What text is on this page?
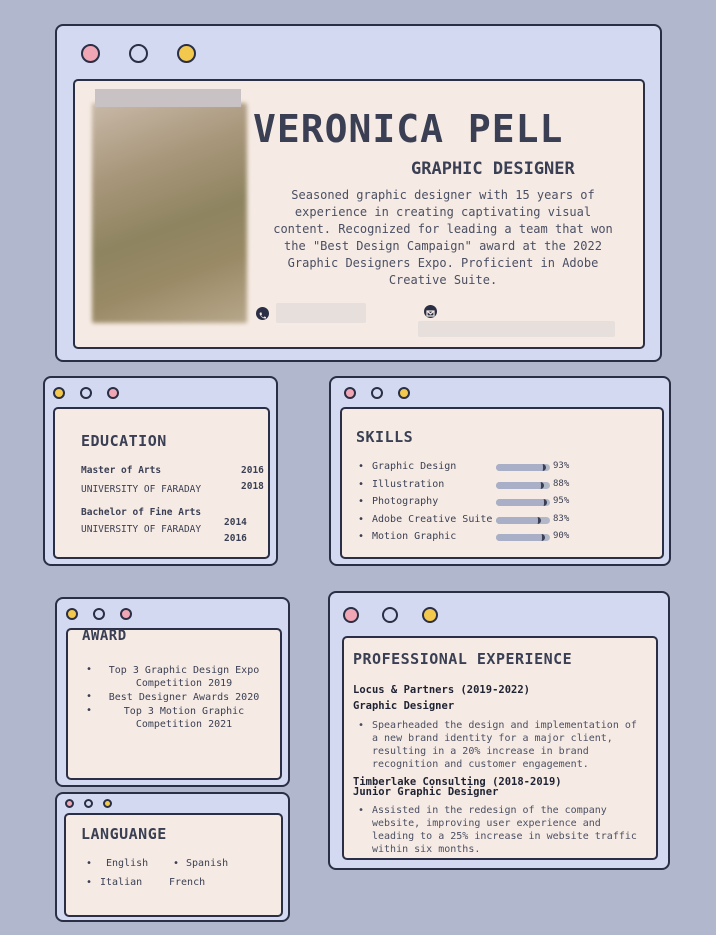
VERONICA PELL
GRAPHIC DESIGNER
Seasoned graphic designer with 15 years of experience in creating captivating visual content. Recognized for leading a team that won the "Best Design Campaign" award at the 2022 Graphic Designers Expo. Proficient in Adobe Creative Suite.
EDUCATION
Master of Arts
UNIVERSITY OF FARADAY
2016
2018
Bachelor of Fine Arts
UNIVERSITY OF FARADAY
2014
2016
SKILLS
• Graphic Design	93%
• Illustration	88%
• Photography	95%
• Adobe Creative Suite	83%
• Motion Graphic	90%
AWARD
•	Top 3 Graphic Design Expo Competition 2019
•	Best Designer Awards 2020
•	Top 3 Motion Graphic Competition 2021
LANGUANGE
• English • Spanish
• Italian	French
PROFESSIONAL EXPERIENCE
Locus & Partners (2019-2022)
Graphic Designer
• Spearheaded the design and implementation of a new brand identity for a major client, resulting in a 20% increase in brand recognition and customer engagement.
Timberlake Consulting (2018-2019)
Junior Graphic Designer
• Assisted in the redesign of the company website, improving user experience and leading to a 25% increase in website traffic within six months.
